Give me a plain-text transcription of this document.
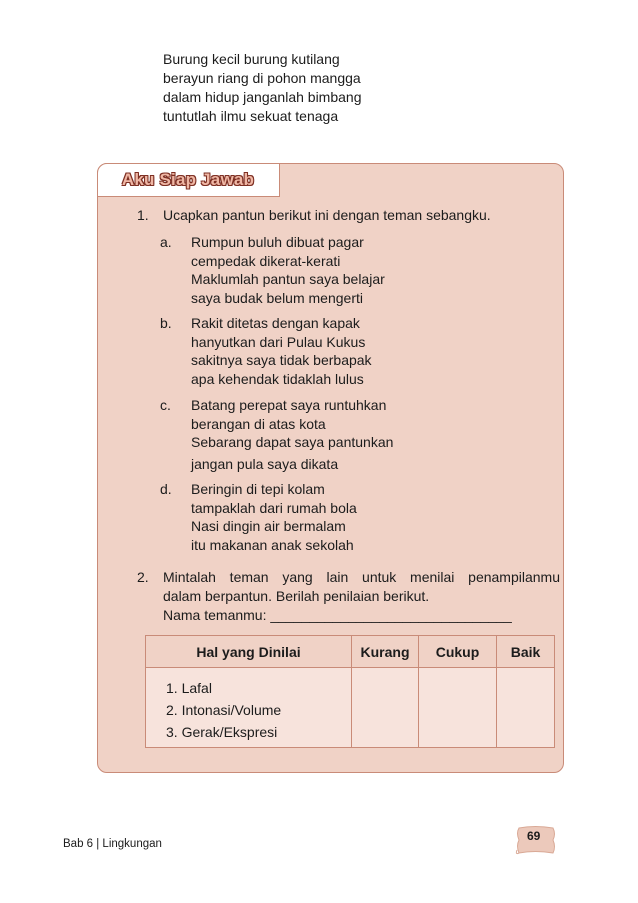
Burung kecil burung kutilang
berayun riang di pohon mangga
dalam hidup janganlah bimbang
tuntutlah ilmu sekuat tenaga
Aku Siap Jawab
1. Ucapkan pantun berikut ini dengan teman sebangku.
a. Rumpun buluh dibuat pagar
cempedak dikerat-kerati
Maklumlah pantun saya belajar
saya budak belum mengerti
b. Rakit ditetas dengan kapak
hanyutkan dari Pulau Kukus
sakitnya saya tidak berbapak
apa kehendak tidaklah lulus
c. Batang perepat saya runtuhkan
berangan di atas kota
Sebarang dapat saya pantunkan
jangan pula saya dikata
d. Beringin di tepi kolam
tampaklah dari rumah bola
Nasi dingin air bermalam
itu makanan anak sekolah
2. Mintalah teman yang lain untuk menilai penampilanmu
dalam berpantun. Berilah penilaian berikut.
Nama temanmu: _______________________________
Hal yang Dinilai	Kurang	Cukup	Baik

1. Lafal
2. Intonasi/Volume
3. Gerak/Ekspresi			

Bab 6 | Lingkungan
69
